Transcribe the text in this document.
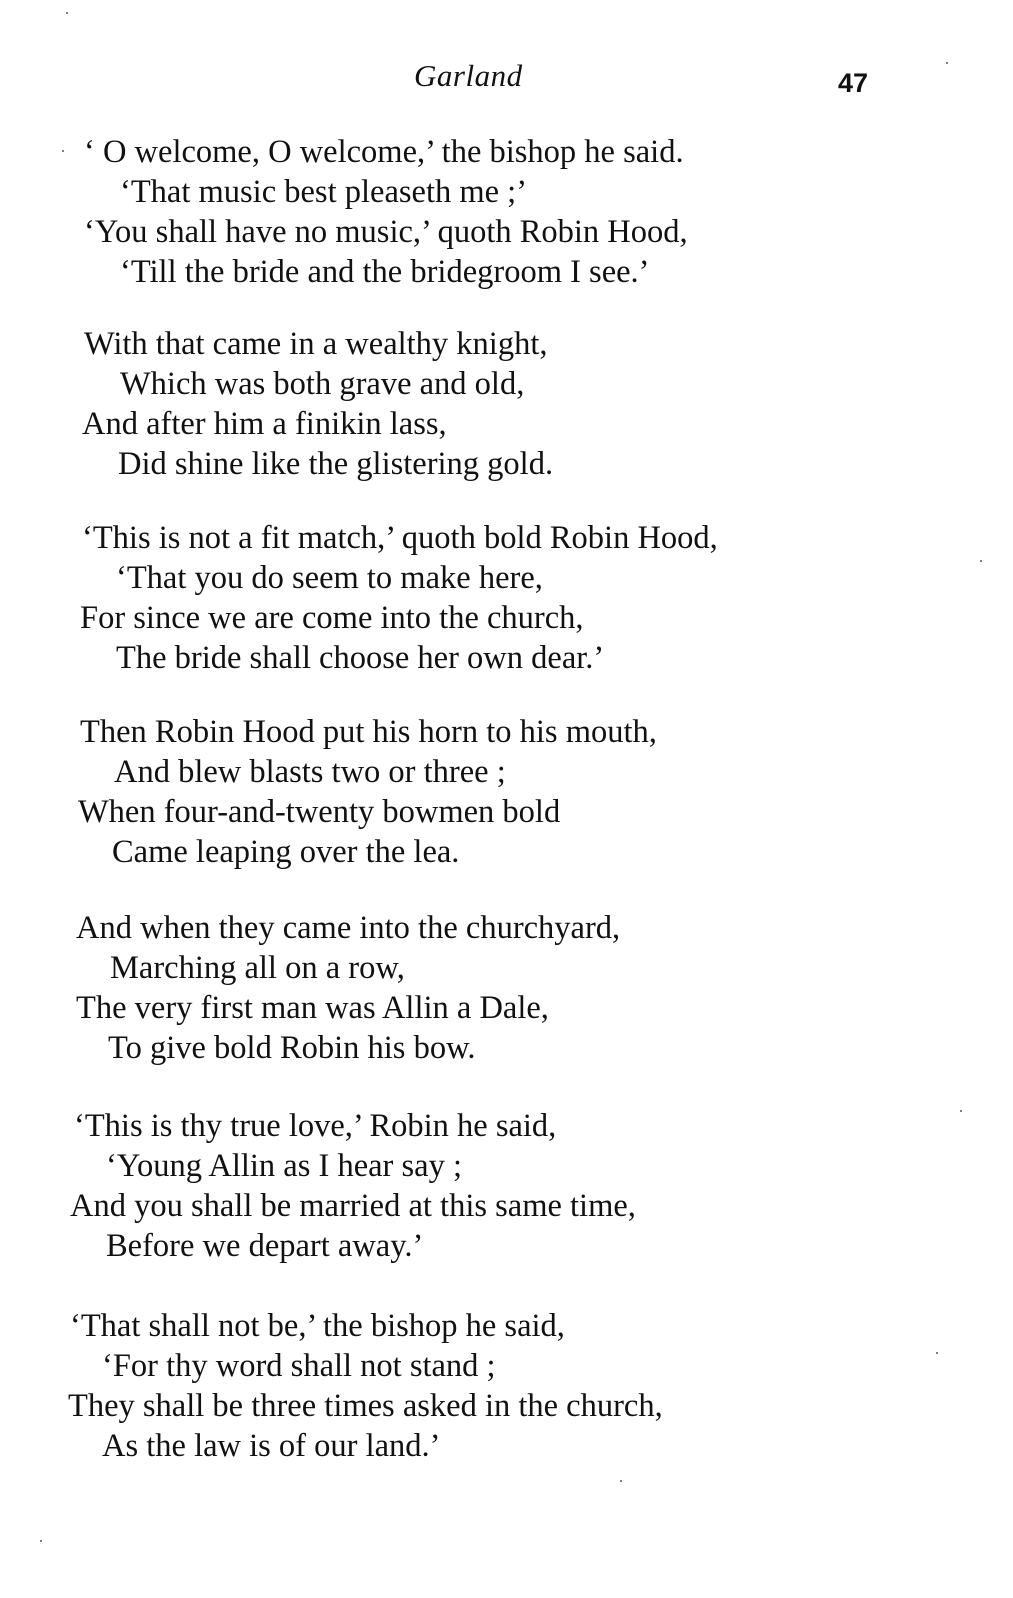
Garland	47
‘ O welcome, O welcome,’ the bishop he said.
‘That music best pleaseth me ;’
‘You shall have no music,’ quoth Robin Hood,
‘Till the bride and the bridegroom I see.’
With that came in a wealthy knight,
Which was both grave and old,
And after him a finikin lass,
Did shine like the glistering gold.
‘This is not a fit match,’ quoth bold Robin Hood,
‘That you do seem to make here,
For since we are come into the church,
The bride shall choose her own dear.’
Then Robin Hood put his horn to his mouth,
And blew blasts two or three ;
When four-and-twenty bowmen bold
Came leaping over the lea.
And when they came into the churchyard,
Marching all on a row,
The very first man was Allin a Dale,
To give bold Robin his bow.
‘This is thy true love,’ Robin he said,
‘Young Allin as I hear say ;
And you shall be married at this same time,
Before we depart away.’
‘That shall not be,’ the bishop he said,
‘For thy word shall not stand ;
They shall be three times asked in the church,
As the law is of our land.’
